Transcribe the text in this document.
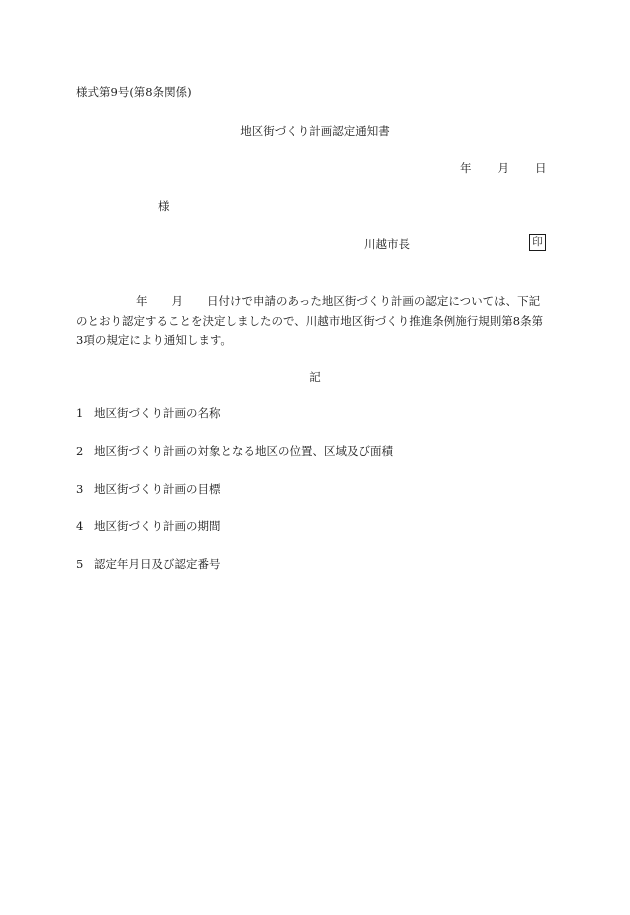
様式第9号(第8条関係)
地区街づくり計画認定通知書
年 月 日
様
川越市長	印
年 月 日付けで申請のあった地区街づくり計画の認定については、下記
のとおり認定することを決定しましたので、川越市地区街づくり推進条例施行規則第8条第
3項の規定により通知します。
記
1 地区街づくり計画の名称
2 地区街づくり計画の対象となる地区の位置、区域及び面積
3 地区街づくり計画の目標
4 地区街づくり計画の期間
5 認定年月日及び認定番号
